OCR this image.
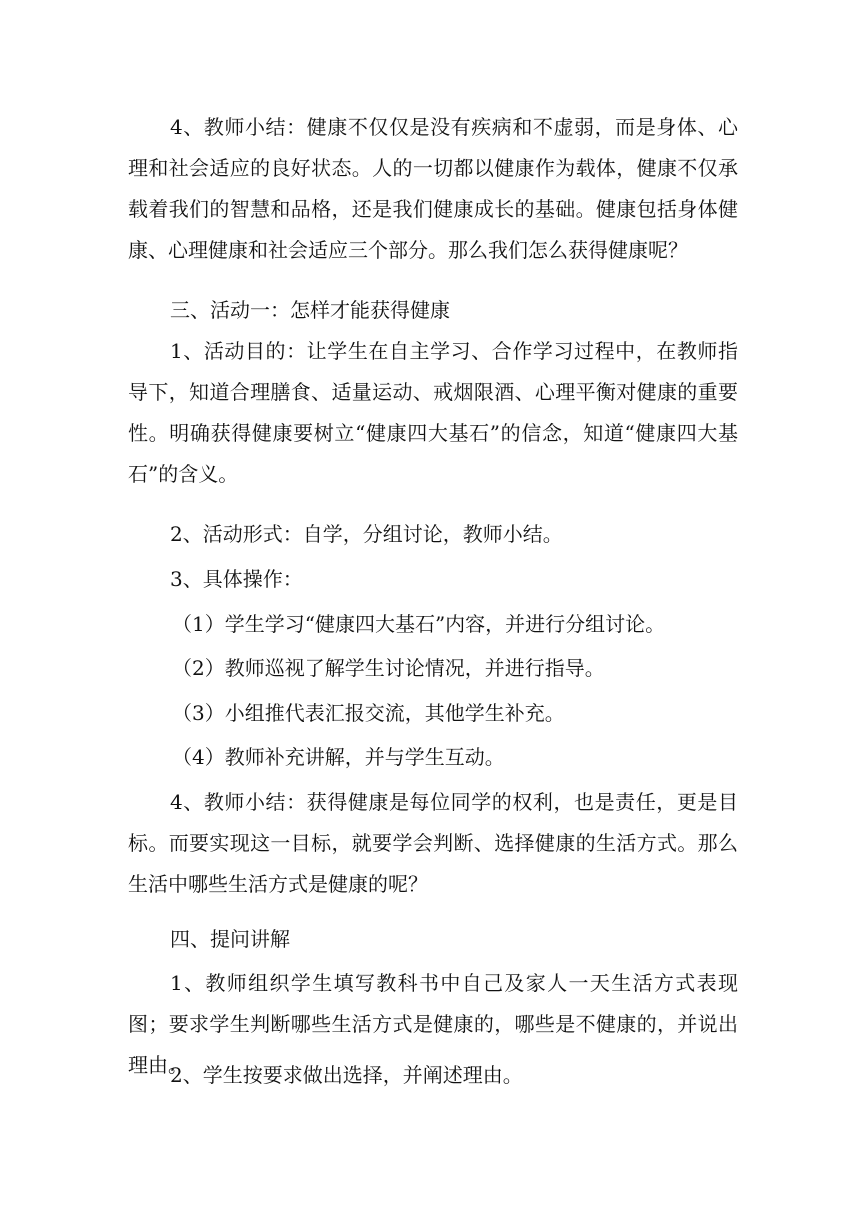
4、教师小结：健康不仅仅是没有疾病和不虚弱，而是身体、心理和社会适应的良好状态。人的一切都以健康作为载体，健康不仅承载着我们的智慧和品格，还是我们健康成长的基础。健康包括身体健康、心理健康和社会适应三个部分。那么我们怎么获得健康呢？

三、活动一：怎样才能获得健康

1、活动目的：让学生在自主学习、合作学习过程中，在教师指导下，知道合理膳食、适量运动、戒烟限酒、心理平衡对健康的重要性。明确获得健康要树立“健康四大基石”的信念，知道“健康四大基石”的含义。

2、活动形式：自学，分组讨论，教师小结。

3、具体操作：

（1）学生学习“健康四大基石”内容，并进行分组讨论。

（2）教师巡视了解学生讨论情况，并进行指导。

（3）小组推代表汇报交流，其他学生补充。

（4）教师补充讲解，并与学生互动。

4、教师小结：获得健康是每位同学的权利，也是责任，更是目标。而要实现这一目标，就要学会判断、选择健康的生活方式。那么生活中哪些生活方式是健康的呢？

四、提问讲解

1、教师组织学生填写教科书中自己及家人一天生活方式表现图；要求学生判断哪些生活方式是健康的，哪些是不健康的，并说出理由。

2、学生按要求做出选择，并阐述理由。
